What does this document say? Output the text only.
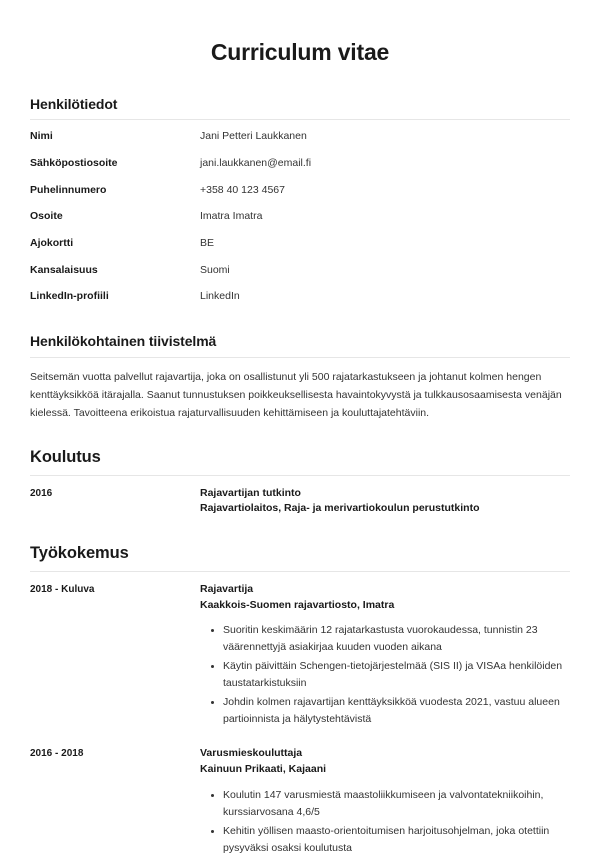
Curriculum vitae
Henkilötiedot
Nimi	Jani Petteri Laukkanen
Sähköpostiosoite	jani.laukkanen@email.fi
Puhelinnumero	+358 40 123 4567
Osoite	Imatra Imatra
Ajokortti	BE
Kansalaisuus	Suomi
LinkedIn-profiili	LinkedIn
Henkilökohtainen tiivistelmä

Seitsemän vuotta palvellut rajavartija, joka on osallistunut yli 500 rajatarkastukseen ja johtanut kolmen hengen kenttäyksikköä itärajalla. Saanut tunnustuksen poikkeuksellisesta havaintokyvystä ja tulkkausosaamisesta venäjän kielessä. Tavoitteena erikoistua rajaturvallisuuden kehittämiseen ja kouluttajatehtäviin.

Koulutus
2016	Rajavartijan tutkinto
Rajavartiolaitos, Raja- ja merivartiokoulun perustutkinto
Työkokemus
2018 - Kuluva	Rajavartija
Kaakkois-Suomen rajavartiosto, Imatra
Suoritin keskimäärin 12 rajatarkastusta vuorokaudessa, tunnistin 23 väärennettyjä asiakirjaa kuuden vuoden aikana
Käytin päivittäin Schengen-tietojärjestelmää (SIS II) ja VISAa henkilöiden taustatarkistuksiin
Johdin kolmen rajavartijan kenttäyksikköä vuodesta 2021, vastuu alueen partioinnista ja hälytystehtävistä
2016 - 2018	Varusmieskouluttaja
Kainuun Prikaati, Kajaani
Koulutin 147 varusmiestä maastoliikkumiseen ja valvontatekniikoihin, kurssiarvosana 4,6/5
Kehitin yöllisen maasto-orientoitumisen harjoitusohjelman, joka otettiin pysyväksi osaksi koulutusta
